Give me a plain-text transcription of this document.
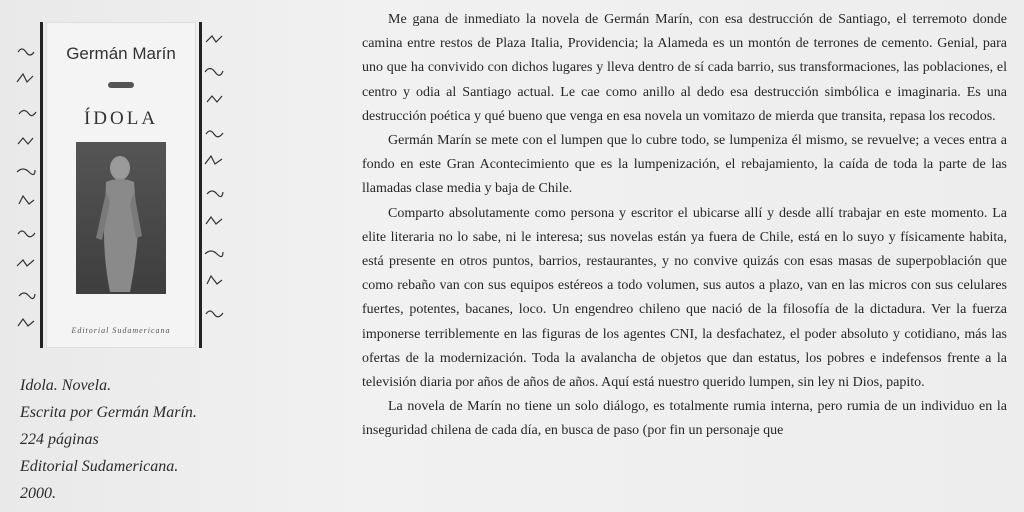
Germán Marín
ÍDOLA
Editorial Sudamericana
Idola. Novela.
Escrita por Germán Marín.
224 páginas
Editorial Sudamericana.
2000.

Me gana de inmediato la novela de Germán Marín, con esa destrucción de Santiago, el terremoto donde camina entre restos de Plaza Italia, Providencia; la Alameda es un montón de terrones de cemento. Genial, para uno que ha convivido con dichos lugares y lleva dentro de sí cada barrio, sus transformaciones, las poblaciones, el centro y odia al Santiago actual. Le cae como anillo al dedo esa destrucción simbólica e imaginaria. Es una destrucción poética y qué bueno que venga en esa novela un vomitazo de mierda que transita, repasa los recodos.

Germán Marín se mete con el lumpen que lo cubre todo, se lumpeniza él mismo, se revuelve; a veces entra a fondo en este Gran Acontecimiento que es la lumpenización, el rebajamiento, la caída de toda la parte de las llamadas clase media y baja de Chile.

Comparto absolutamente como persona y escritor el ubicarse allí y desde allí trabajar en este momento. La elite literaria no lo sabe, ni le interesa; sus novelas están ya fuera de Chile, está en lo suyo y físicamente habita, está presente en otros puntos, barrios, restaurantes, y no convive quizás con esas masas de superpoblación que como rebaño van con sus equipos estéreos a todo volumen, sus autos a plazo, van en las micros con sus celulares fuertes, potentes, bacanes, loco. Un engendreo chileno que nació de la filosofía de la dictadura. Ver la fuerza imponerse terriblemente en las figuras de los agentes CNI, la desfachatez, el poder absoluto y cotidiano, más las ofertas de la modernización. Toda la avalancha de objetos que dan estatus, los pobres e indefensos frente a la televisión diaria por años de años de años. Aquí está nuestro querido lumpen, sin ley ni Dios, papito.

La novela de Marín no tiene un solo diálogo, es totalmente rumia interna, pero rumia de un individuo en la inseguridad chilena de cada día, en busca de paso (por fin un personaje que
